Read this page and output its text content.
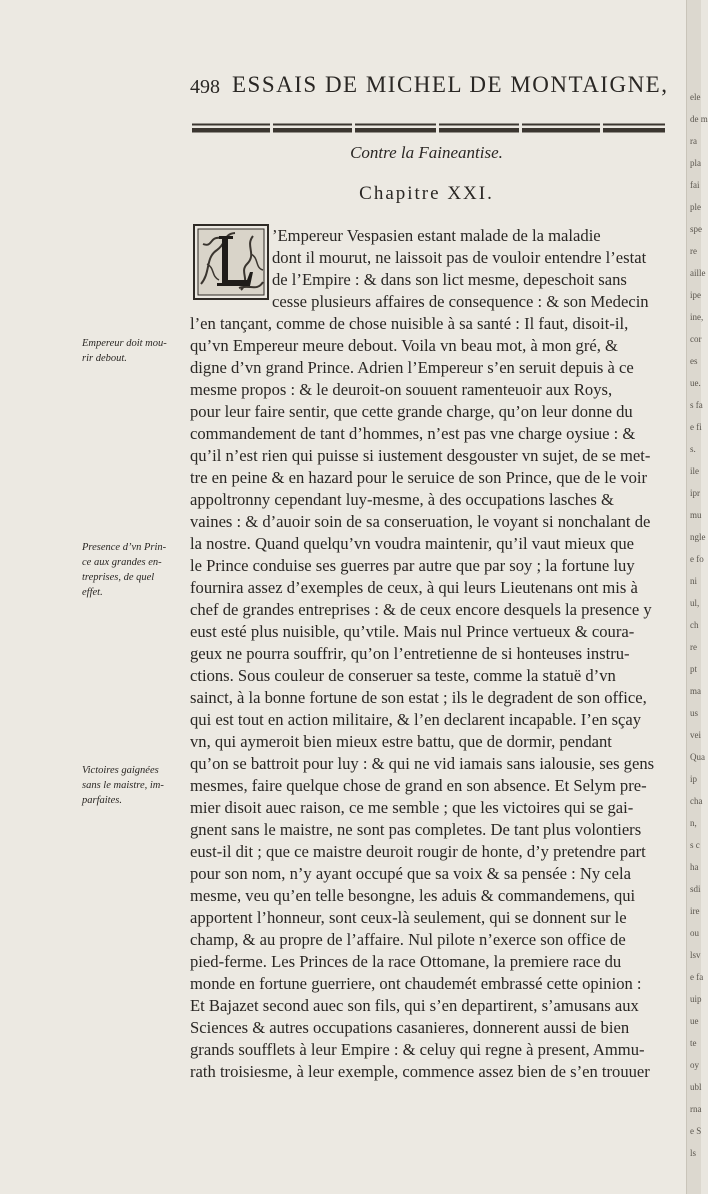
498 ESSAIS DE MICHEL DE MONTAIGNE,
Contre la Faineantise.
Chapitre XXI.
’Empereur Vespasien estant malade de la maladie
dont il mourut, ne laissoit pas de vouloir entendre l’estat
de l’Empire : & dans son lict mesme, depeschoit sans
cesse plusieurs affaires de consequence : & son Medecin
l’en tançant, comme de chose nuisible à sa santé : Il faut, disoit-il,
qu’vn Empereur meure debout. Voila vn beau mot, à mon gré, &
digne d’vn grand Prince. Adrien l’Empereur s’en seruit depuis à ce
mesme propos : & le deuroit-on souuent ramenteuoir aux Roys,
pour leur faire sentir, que cette grande charge, qu’on leur donne du
commandement de tant d’hommes, n’est pas vne charge oysiue : &
qu’il n’est rien qui puisse si iustement desgouster vn sujet, de se met-
tre en peine & en hazard pour le seruice de son Prince, que de le voir
appoltronny cependant luy-mesme, à des occupations lasches &
vaines : & d’auoir soin de sa conseruation, le voyant si nonchalant de
la nostre. Quand quelqu’vn voudra maintenir, qu’il vaut mieux que
le Prince conduise ses guerres par autre que par soy ; la fortune luy
fournira assez d’exemples de ceux, à qui leurs Lieutenans ont mis à
chef de grandes entreprises : & de ceux encore desquels la presence y
eust esté plus nuisible, qu’vtile. Mais nul Prince vertueux & coura-
geux ne pourra souffrir, qu’on l’entretienne de si honteuses instru-
ctions. Sous couleur de conseruer sa teste, comme la statuë d’vn
sainct, à la bonne fortune de son estat ; ils le degradent de son office,
qui est tout en action militaire, & l’en declarent incapable. I’en sçay
vn, qui aymeroit bien mieux estre battu, que de dormir, pendant
qu’on se battroit pour luy : & qui ne vid iamais sans ialousie, ses gens
mesmes, faire quelque chose de grand en son absence. Et Selym pre-
mier disoit auec raison, ce me semble ; que les victoires qui se gai-
gnent sans le maistre, ne sont pas completes. De tant plus volontiers
eust-il dit ; que ce maistre deuroit rougir de honte, d’y pretendre part
pour son nom, n’y ayant occupé que sa voix & sa pensée : Ny cela
mesme, veu qu’en telle besongne, les aduis & commandemens, qui
apportent l’honneur, sont ceux-là seulement, qui se donnent sur le
champ, & au propre de l’affaire. Nul pilote n’exerce son office de
pied-ferme. Les Princes de la race Ottomane, la premiere race du
monde en fortune guerriere, ont chaudemét embrassé cette opinion :
Et Bajazet second auec son fils, qui s’en departirent, s’amusans aux
Sciences & autres occupations casanieres, donnerent aussi de bien
grands soufflets à leur Empire : & celuy qui regne à present, Ammu-
rath troisiesme, à leur exemple, commence assez bien de s’en trouuer
Empereur doit mou-
rir debout.
Presence d’vn Prin-
ce aux grandes en-
treprises, de quel
effet.
Victoires gaignées
sans le maistre, im-
parfaites.
ele
de m
ra
pla
fai
ple
spe
re
aille
ipe
ine,
cor
es
ue.
s fa
e fi
s.
ile
ipr
mu
ngle
e fo
ni
ul,
ch
re
pt
ma
us
vei
Qua
ip
cha
n,
s c
ha
sdi
ire
ou
lsv
e fa
uip
ue
te
oy
ubl
rna
e S
ls
